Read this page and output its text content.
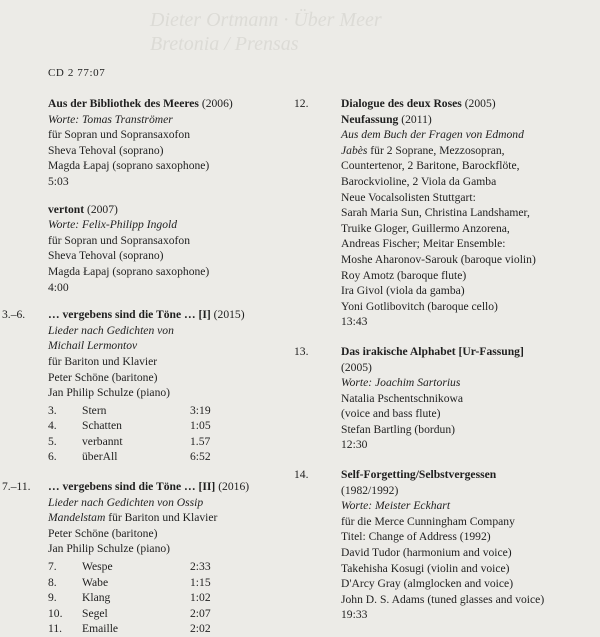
Dieter Ortmann · Über Meer
Bretonia / Prensas
CD 2 77:07
Aus der Bibliothek des Meeres (2006)
Worte: Tomas Tranströmer
für Sopran und Sopransaxofon
Sheva Tehoval (soprano)
Magda Łapaj (soprano saxophone)
5:03
vertont (2007)
Worte: Felix-Philipp Ingold
für Sopran und Sopransaxofon
Sheva Tehoval (soprano)
Magda Łapaj (soprano saxophone)
4:00
3.–6.	… vergebens sind die Töne … [I] (2015)
Lieder nach Gedichten von
Michail Lermontov
für Bariton und Klavier
Peter Schöne (baritone)
Jan Philip Schulze (piano)
3.	Stern	3:19
4.	Schatten	1:05
5.	verbannt	1.57
6.	überAll	6:52
7.–11.	… vergebens sind die Töne … [II] (2016)
Lieder nach Gedichten von Ossip
Mandelstam für Bariton und Klavier
Peter Schöne (baritone)
Jan Philip Schulze (piano)
7.	Wespe	2:33
8.	Wabe	1:15
9.	Klang	1:02
10.	Segel	2:07
11.	Emaille	2:02
12.	Dialogue des deux Roses (2005)
Neufassung (2011)
Aus dem Buch der Fragen von Edmond
Jabès für 2 Soprane, Mezzosopran,
Countertenor, 2 Baritone, Barockflöte,
Barockvioline, 2 Viola da Gamba
Neue Vocalsolisten Stuttgart:
Sarah Maria Sun, Christina Landshamer,
Truike Gloger, Guillermo Anzorena,
Andreas Fischer; Meitar Ensemble:
Moshe Aharonov-Sarouk (baroque violin)
Roy Amotz (baroque flute)
Ira Givol (viola da gamba)
Yoni Gotlibovitch (baroque cello)
13:43
13.	Das irakische Alphabet [Ur-Fassung]
(2005)
Worte: Joachim Sartorius
Natalia Pschentschnikowa
(voice and bass flute)
Stefan Bartling (bordun)
12:30
14.	Self-Forgetting/Selbstvergessen
(1982/1992)
Worte: Meister Eckhart
für die Merce Cunningham Company
Titel: Change of Address (1992)
David Tudor (harmonium and voice)
Takehisha Kosugi (violin and voice)
D'Arcy Gray (almglocken and voice)
John D. S. Adams (tuned glasses and voice)
19:33
